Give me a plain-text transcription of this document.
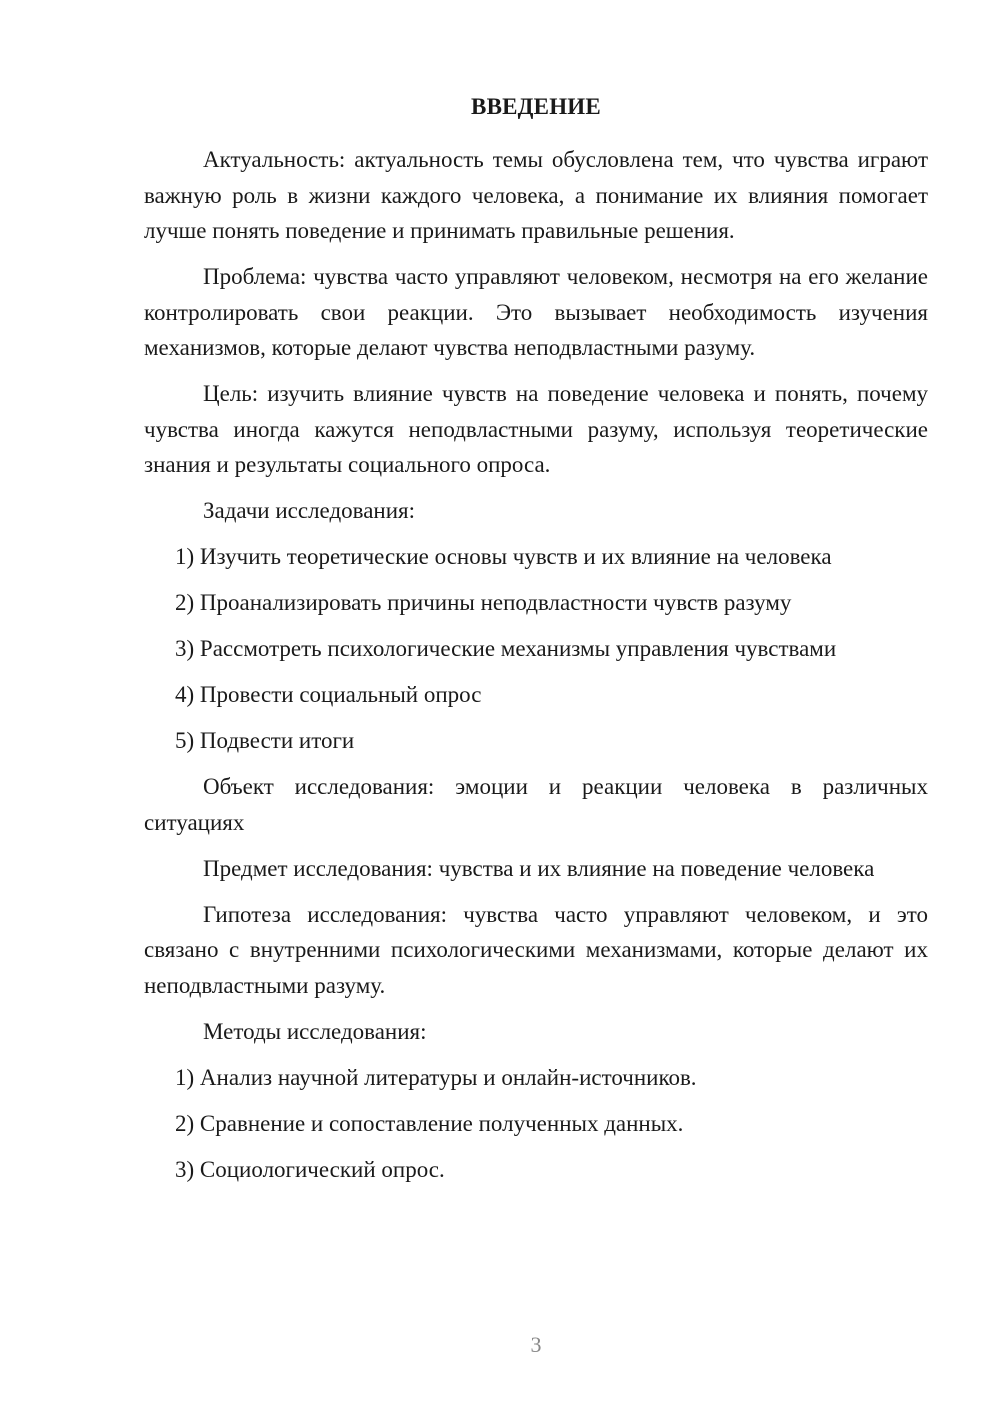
ВВЕДЕНИЕ

Актуальность: актуальность темы обусловлена тем, что чувства играют важную роль в жизни каждого человека, а понимание их влияния помогает лучше понять поведение и принимать правильные решения.

Проблема: чувства часто управляют человеком, несмотря на его желание контролировать свои реакции. Это вызывает необходимость изучения механизмов, которые делают чувства неподвластными разуму.

Цель: изучить влияние чувств на поведение человека и понять, почему чувства иногда кажутся неподвластными разуму, используя теоретические знания и результаты социального опроса.

Задачи исследования:

1) Изучить теоретические основы чувств и их влияние на человека
2) Проанализировать причины неподвластности чувств разуму
3) Рассмотреть психологические механизмы управления чувствами
4) Провести социальный опрос
5) Подвести итоги

Объект исследования: эмоции и реакции человека в различных ситуациях

Предмет исследования: чувства и их влияние на поведение человека

Гипотеза исследования: чувства часто управляют человеком, и это связано с внутренними психологическими механизмами, которые делают их неподвластными разуму.

Методы исследования:

1) Анализ научной литературы и онлайн-источников.
2) Сравнение и сопоставление полученных данных.
3) Социологический опрос.
3
